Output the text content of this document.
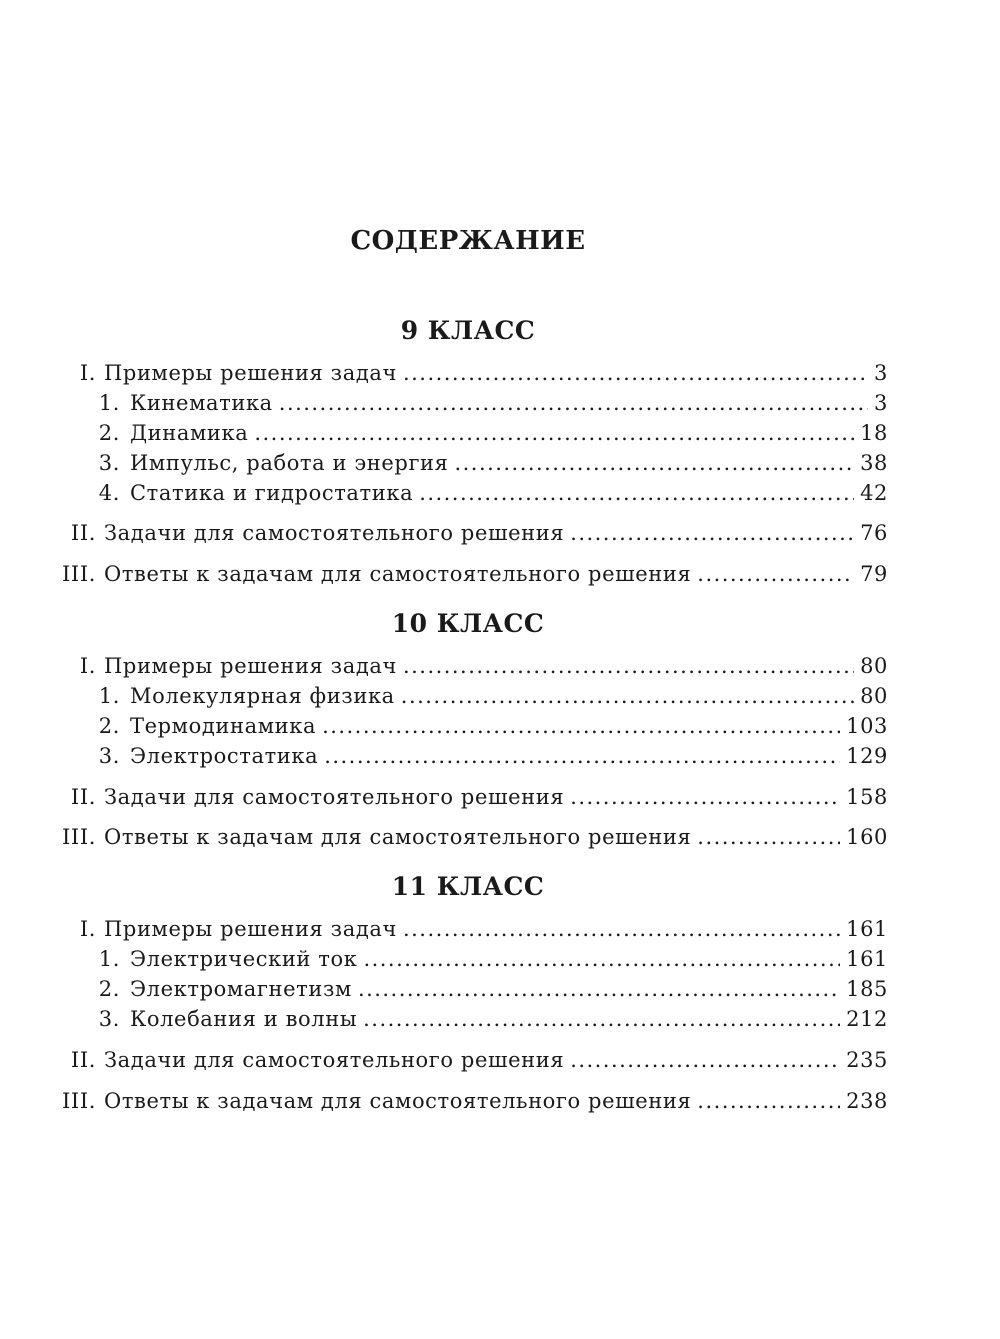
СОДЕРЖАНИЕ
9 КЛАСС
I. Примеры решения задач . . .	3
1. Кинематика . . .	3
2. Динамика . . .	18
3. Импульс, работа и энергия . . .	38
4. Статика и гидростатика . . .	42
II. Задачи для самостоятельного решения . . .	76
III. Ответы к задачам для самостоятельного решения . . .	79
10 КЛАСС
I. Примеры решения задач . . .	80
1. Молекулярная физика . . .	80
2. Термодинамика . . .	103
3. Электростатика . . .	129
II. Задачи для самостоятельного решения . . .	158
III. Ответы к задачам для самостоятельного решения . . .	160
11 КЛАСС
I. Примеры решения задач . . .	161
1. Электрический ток . . .	161
2. Электромагнетизм . . .	185
3. Колебания и волны . . .	212
II. Задачи для самостоятельного решения . . .	235
III. Ответы к задачам для самостоятельного решения . . .	238
